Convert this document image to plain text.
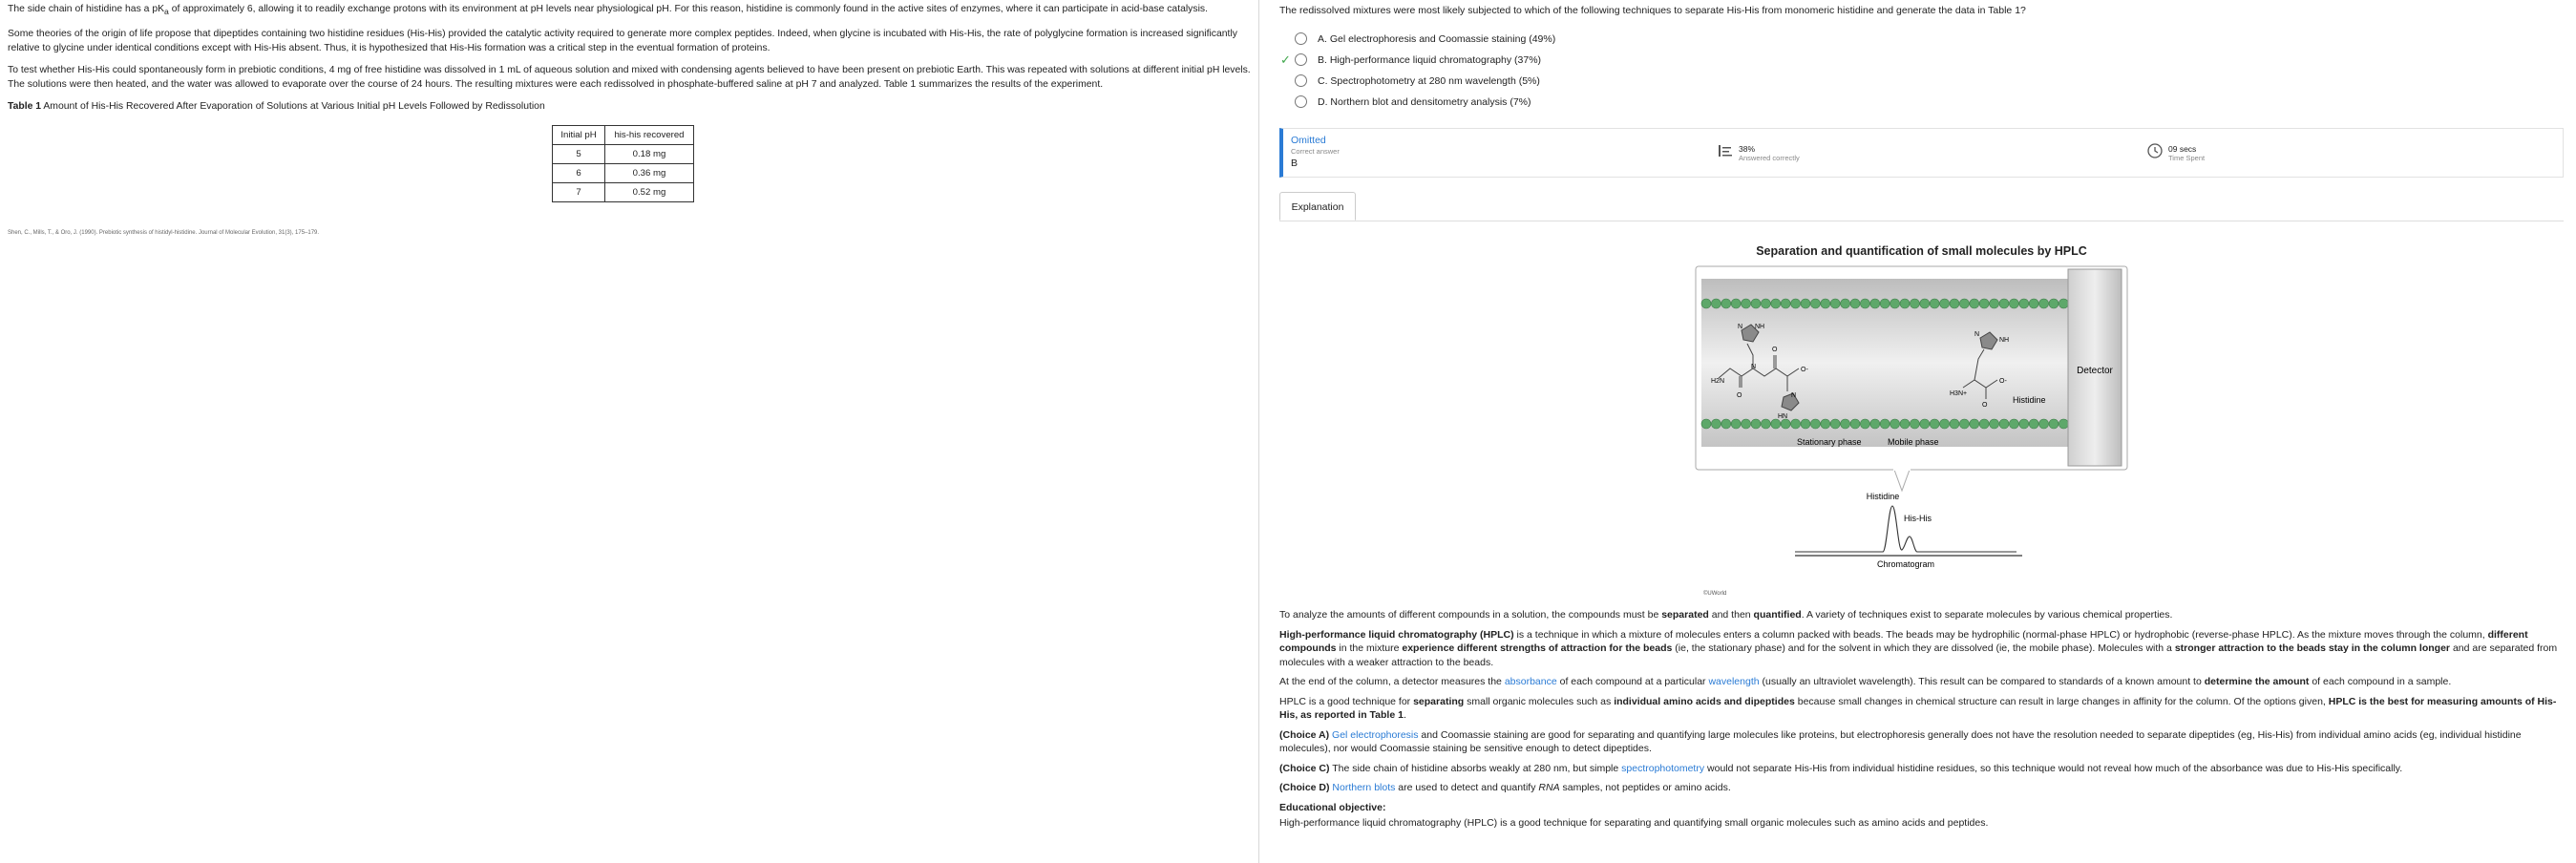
The side chain of histidine has a $pK_a$ of approximately 6, allowing it to readily exchange protons with its environment at pH levels near physiological pH. For this reason, histidine is commonly found in the active sites of enzymes, where it can participate in acid-base catalysis.

Some theories of the origin of life propose that dipeptides containing two histidine residues (His-His) provided the catalytic activity required to generate more complex peptides. Indeed, when glycine is incubated with His-His, the rate of polyglycine formation is increased significantly relative to glycine under identical conditions except with His-His absent. Thus, it is hypothesized that His-His formation was a critical step in the eventual formation of proteins.

To test whether His-His could spontaneously form in prebiotic conditions, 4 mg of free histidine was dissolved in 1 mL of aqueous solution and mixed with condensing agents believed to have been present on prebiotic Earth. This was repeated with solutions at different initial pH levels. The solutions were then heated, and the water was allowed to evaporate over the course of 24 hours. The resulting mixtures were each redissolved in phosphate-buffered saline at pH 7 and analyzed. Table 1 summarizes the results of the experiment.

Table 1 Amount of His-His Recovered After Evaporation of Solutions at Various Initial pH Levels Followed by Redissolution

Initial pH	his-his recovered
5	0.18 mg
6	0.36 mg
7	0.52 mg
Shen, C., Mills, T., & Oro, J. (1990). Prebiotic synthesis of histidyl-histidine. Journal of Molecular Evolution, 31(3), 175–179.
The redissolved mixtures were most likely subjected to which of the following techniques to separate His-His from monomeric histidine and generate the data in Table 1?
A. Gel electrophoresis and Coomassie staining (49%)
✓	B. High-performance liquid chromatography (37%)
C. Spectrophotometry at 280 nm wavelength (5%)
D. Northern blot and densitometry analysis (7%)
Omitted
Correct answer
B
38%
Answered correctly
09 secs
Time Spent
Explanation
Separation and quantification of small molecules by HPLC
Detector
H2N
O
N
O
O-
NH
N
N
HN
H3N+
O-
O
NH
N
Histidine
Stationary phase	Mobile phase
Histidine
His-His
Chromatogram
©UWorld

To analyze the amounts of different compounds in a solution, the compounds must be separated and then quantified. A variety of techniques exist to separate molecules by various chemical properties.

High-performance liquid chromatography (HPLC) is a technique in which a mixture of molecules enters a column packed with beads. The beads may be hydrophilic (normal-phase HPLC) or hydrophobic (reverse-phase HPLC). As the mixture moves through the column, different compounds in the mixture experience different strengths of attraction for the beads (ie, the stationary phase) and for the solvent in which they are dissolved (ie, the mobile phase). Molecules with a stronger attraction to the beads stay in the column longer and are separated from molecules with a weaker attraction to the beads.

At the end of the column, a detector measures the absorbance of each compound at a particular wavelength (usually an ultraviolet wavelength). This result can be compared to standards of a known amount to determine the amount of each compound in a sample.

HPLC is a good technique for separating small organic molecules such as individual amino acids and dipeptides because small changes in chemical structure can result in large changes in affinity for the column. Of the options given, HPLC is the best for measuring amounts of His-His, as reported in Table 1.

(Choice A) Gel electrophoresis and Coomassie staining are good for separating and quantifying large molecules like proteins, but electrophoresis generally does not have the resolution needed to separate dipeptides (eg, His-His) from individual amino acids (eg, individual histidine molecules), nor would Coomassie staining be sensitive enough to detect dipeptides.

(Choice C) The side chain of histidine absorbs weakly at 280 nm, but simple spectrophotometry would not separate His-His from individual histidine residues, so this technique would not reveal how much of the absorbance was due to His-His specifically.

(Choice D) Northern blots are used to detect and quantify RNA samples, not peptides or amino acids.

Educational objective:

High-performance liquid chromatography (HPLC) is a good technique for separating and quantifying small organic molecules such as amino acids and peptides.
